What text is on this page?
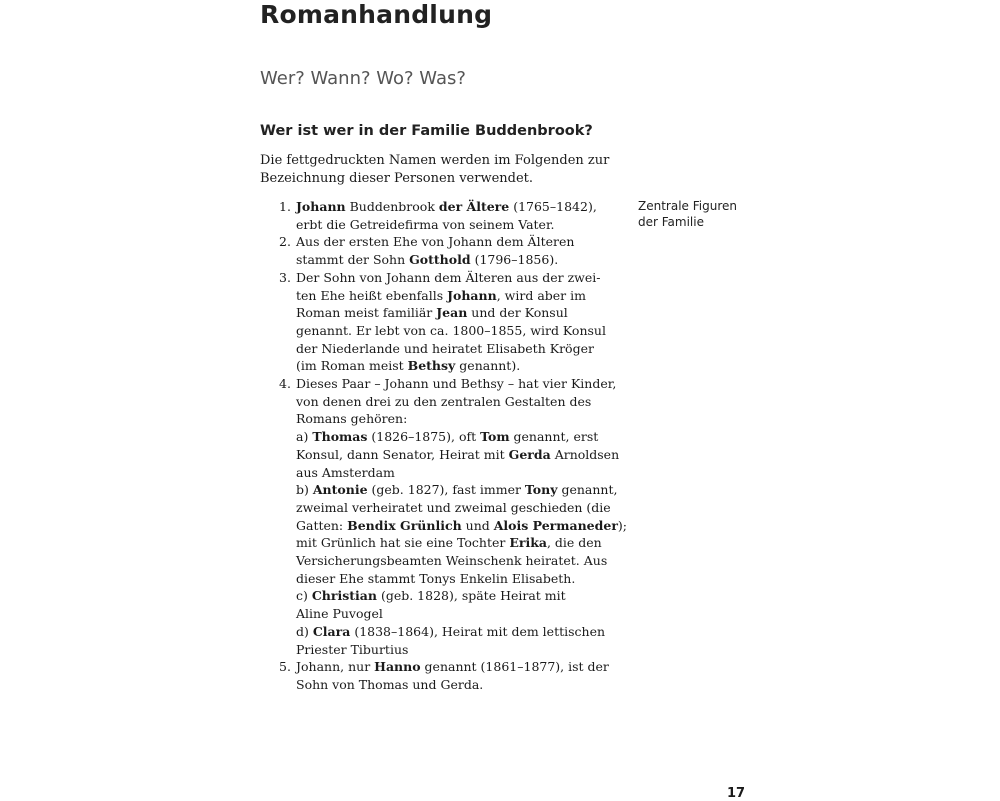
Romanhandlung
Wer? Wann? Wo? Was?
Wer ist wer in der Familie Buddenbrook?

Die fettgedruckten Namen werden im Folgenden zur
Bezeichnung dieser Personen verwendet.

Zentrale Figuren
der Familie
1. Johann Buddenbrook der Ältere (1765–1842),
erbt die Getreidefirma von seinem Vater.
2. Aus der ersten Ehe von Johann dem Älteren
stammt der Sohn Gotthold (1796–1856).
3. Der Sohn von Johann dem Älteren aus der zwei-
ten Ehe heißt ebenfalls Johann, wird aber im
Roman meist familiär Jean und der Konsul
genannt. Er lebt von ca. 1800–1855, wird Konsul
der Niederlande und heiratet Elisabeth Kröger
(im Roman meist Bethsy genannt).
4. Dieses Paar – Johann und Bethsy – hat vier Kinder,
von denen drei zu den zentralen Gestalten des
Romans gehören:
a) Thomas (1826–1875), oft Tom genannt, erst
Konsul, dann Senator, Heirat mit Gerda Arnoldsen
aus Amsterdam
b) Antonie (geb. 1827), fast immer Tony genannt,
zweimal verheiratet und zweimal geschieden (die
Gatten: Bendix Grünlich und Alois Permaneder);
mit Grünlich hat sie eine Tochter Erika, die den
Versicherungsbeamten Weinschenk heiratet. Aus
dieser Ehe stammt Tonys Enkelin Elisabeth.
c) Christian (geb. 1828), späte Heirat mit
Aline Puvogel
d) Clara (1838–1864), Heirat mit dem lettischen
Priester Tiburtius
5. Johann, nur Hanno genannt (1861–1877), ist der
Sohn von Thomas und Gerda.
17
